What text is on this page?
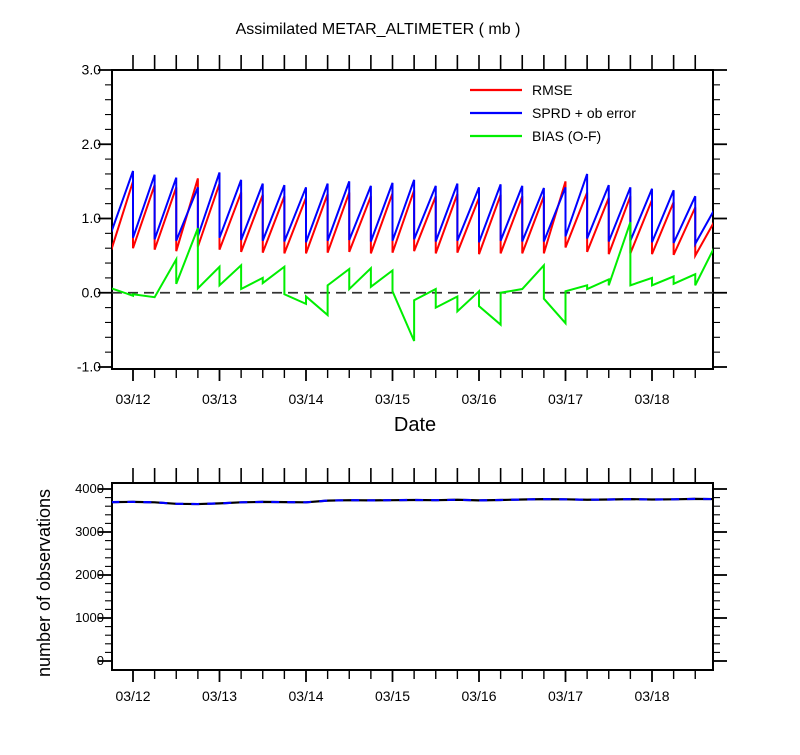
Assimilated METAR_ALTIMETER ( mb )
3.0
2.0
1.0
0.0
-1.0
03/12	03/13	03/14	03/15	03/16	03/17	03/18
RMSE
SPRD + ob error
BIAS (O-F)
Date
number of observations
4000
3000
2000
1000
0
03/12	03/13	03/14	03/15	03/16	03/17	03/18
